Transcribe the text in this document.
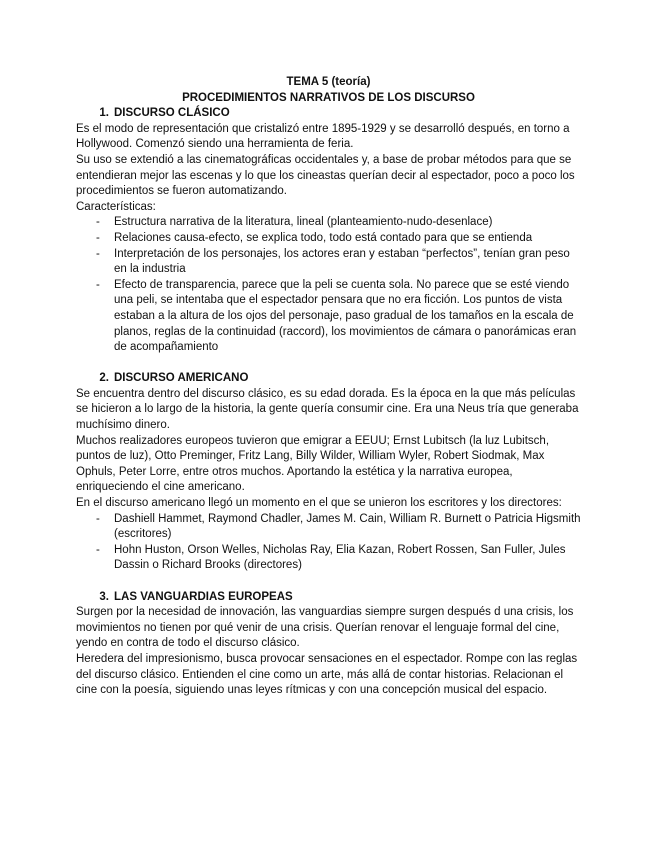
TEMA 5 (teoría)

PROCEDIMIENTOS NARRATIVOS DE LOS DISCURSO

1. DISCURSO CLÁSICO

Es el modo de representación que cristalizó entre 1895-1929 y se desarrolló después, en torno a Hollywood. Comenzó siendo una herramienta de feria.

Su uso se extendió a las cinematográficas occidentales y, a base de probar métodos para que se entendieran mejor las escenas y lo que los cineastas querían decir al espectador, poco a poco los procedimientos se fueron automatizando.

Características:

- Estructura narrativa de la literatura, lineal (planteamiento-nudo-desenlace)
- Relaciones causa-efecto, se explica todo, todo está contado para que se entienda
- Interpretación de los personajes, los actores eran y estaban “perfectos”, tenían gran peso en la industria
- Efecto de transparencia, parece que la peli se cuenta sola. No parece que se esté viendo una peli, se intentaba que el espectador pensara que no era ficción. Los puntos de vista estaban a la altura de los ojos del personaje, paso gradual de los tamaños en la escala de planos, reglas de la continuidad (raccord), los movimientos de cámara o panorámicas eran de acompañamiento
2. DISCURSO AMERICANO

Se encuentra dentro del discurso clásico, es su edad dorada. Es la época en la que más películas se hicieron a lo largo de la historia, la gente quería consumir cine. Era una Neus tría que generaba muchísimo dinero.

Muchos realizadores europeos tuvieron que emigrar a EEUU; Ernst Lubitsch (la luz Lubitsch, puntos de luz), Otto Preminger, Fritz Lang, Billy Wilder, William Wyler, Robert Siodmak, Max Ophuls, Peter Lorre, entre otros muchos. Aportando la estética y la narrativa europea, enriqueciendo el cine americano.

En el discurso americano llegó un momento en el que se unieron los escritores y los directores:

- Dashiell Hammet, Raymond Chadler, James M. Cain, William R. Burnett o Patricia Higsmith (escritores)
- Hohn Huston, Orson Welles, Nicholas Ray, Elia Kazan, Robert Rossen, San Fuller, Jules Dassin o Richard Brooks (directores)
3. LAS VANGUARDIAS EUROPEAS

Surgen por la necesidad de innovación, las vanguardias siempre surgen después d una crisis, los movimientos no tienen por qué venir de una crisis. Querían renovar el lenguaje formal del cine, yendo en contra de todo el discurso clásico.

Heredera del impresionismo, busca provocar sensaciones en el espectador. Rompe con las reglas del discurso clásico. Entienden el cine como un arte, más allá de contar historias. Relacionan el cine con la poesía, siguiendo unas leyes rítmicas y con una concepción musical del espacio.
